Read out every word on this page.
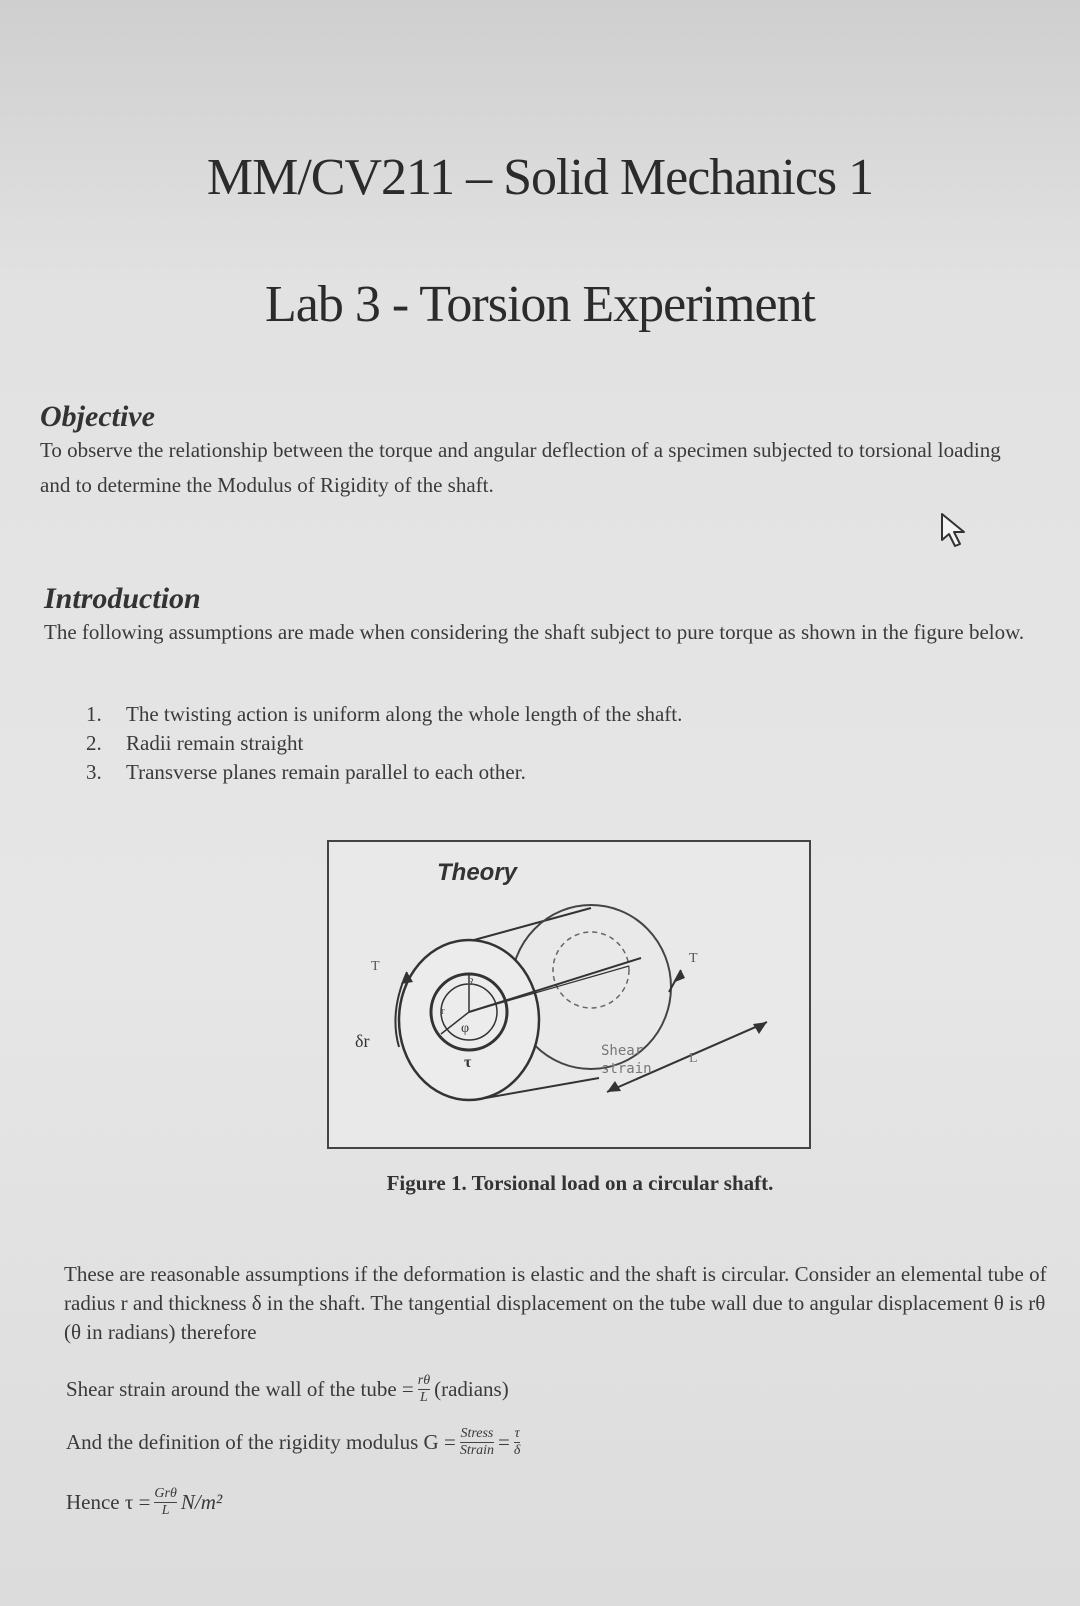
MM/CV211 – Solid Mechanics 1
Lab 3 - Torsion Experiment
Objective
To observe the relationship between the torque and angular deflection of a specimen subjected to torsional loading and to determine the Modulus of Rigidity of the shaft.
Introduction
The following assumptions are made when considering the shaft subject to pure torque as shown in the figure below.
1.	The twisting action is uniform along the whole length of the shaft.
2.	Radii remain straight
3.	Transverse planes remain parallel to each other.
Theory
T
T
R
r
δr
τ
φ
Shear
strain
L
Figure 1. Torsional load on a circular shaft.
These are reasonable assumptions if the deformation is elastic and the shaft is circular. Consider an elemental tube of radius r and thickness δ in the shaft. The tangential displacement on the tube wall due to angular displacement θ is rθ (θ in radians) therefore
Shear strain around the wall of the tube = $\frac{r\theta}{L}$ (radians)
And the definition of the rigidity modulus $G = \frac{\text{Stress}}{\text{Strain}} = \frac{\tau}{\delta}$
Hence $\tau = \frac{\text{Grθ}}{L} N/m^2$
